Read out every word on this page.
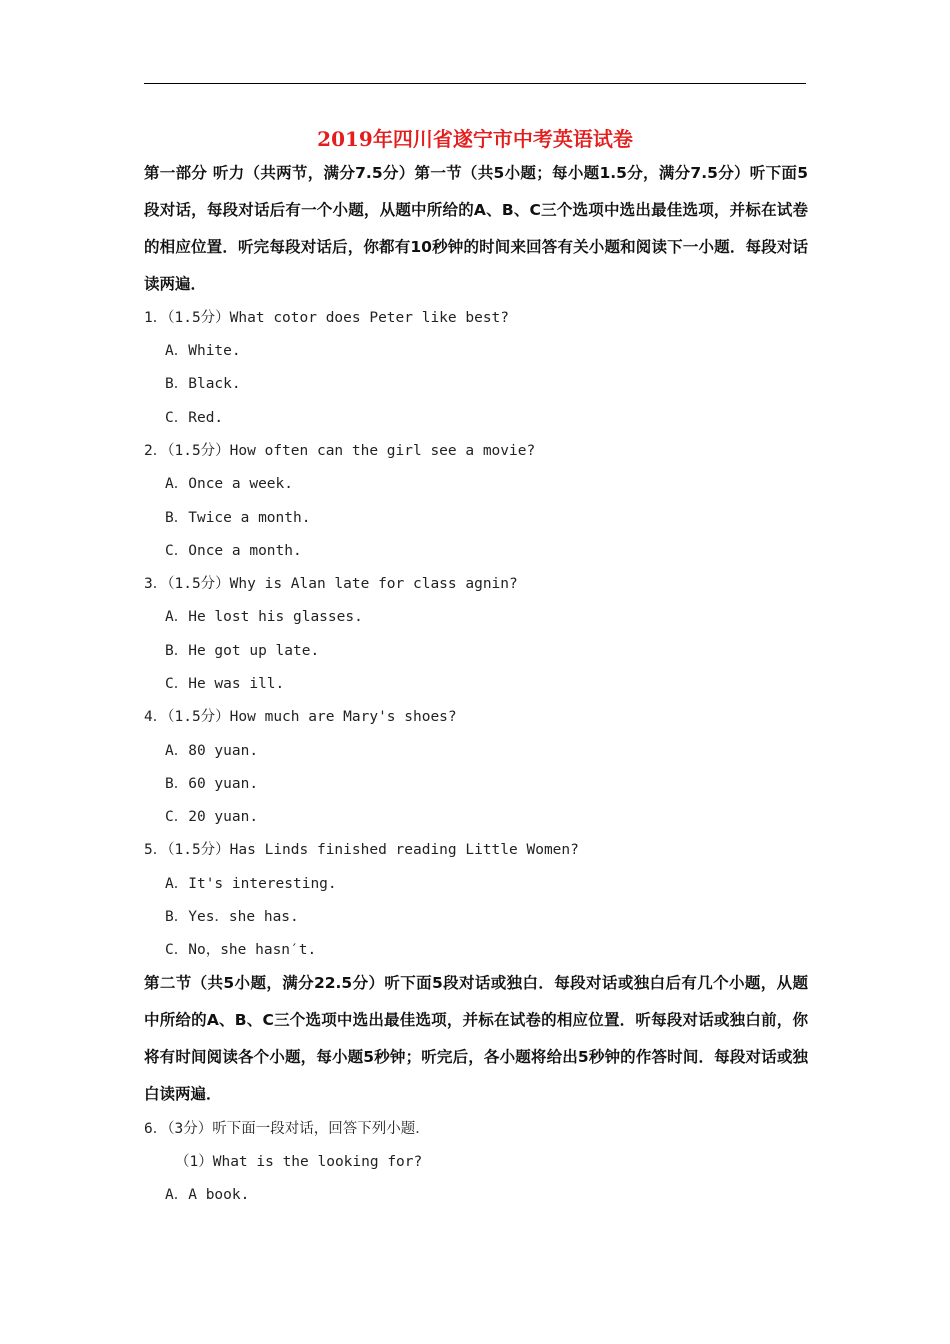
2019年四川省遂宁市中考英语试卷
第一部分 听力（共两节，满分7.5分）第一节（共5小题；每小题1.5分，满分7.5分）听下面5段对话，每段对话后有一个小题，从题中所给的A、B、C三个选项中选出最佳选项，并标在试卷的相应位置．听完每段对话后，你都有10秒钟的时间来回答有关小题和阅读下一小题．每段对话读两遍．
1．（1.5分）What cotor does Peter like best?
A．White.
B．Black.
C．Red.
2．（1.5分）How often can the girl see a movie?
A．Once a week.
B．Twice a month.
C．Once a month.
3．（1.5分）Why is Alan late for class agnin?
A．He lost his glasses.
B．He got up late.
C．He was ill.
4．（1.5分）How much are Mary's shoes?
A．80 yuan.
B．60 yuan.
C．20 yuan.
5．（1.5分）Has Linds finished reading Little Women?
A．It's interesting.
B．Yes．she has.
C．No，she hasn′t.
第二节（共5小题，满分22.5分）听下面5段对话或独白．每段对话或独白后有几个小题，从题中所给的A、B、C三个选项中选出最佳选项，并标在试卷的相应位置．听每段对话或独白前，你将有时间阅读各个小题，每小题5秒钟；听完后，各小题将给出5秒钟的作答时间．每段对话或独白读两遍．
6．（3分）听下面一段对话，回答下列小题．
（1）What is the looking for?
A．A book.
